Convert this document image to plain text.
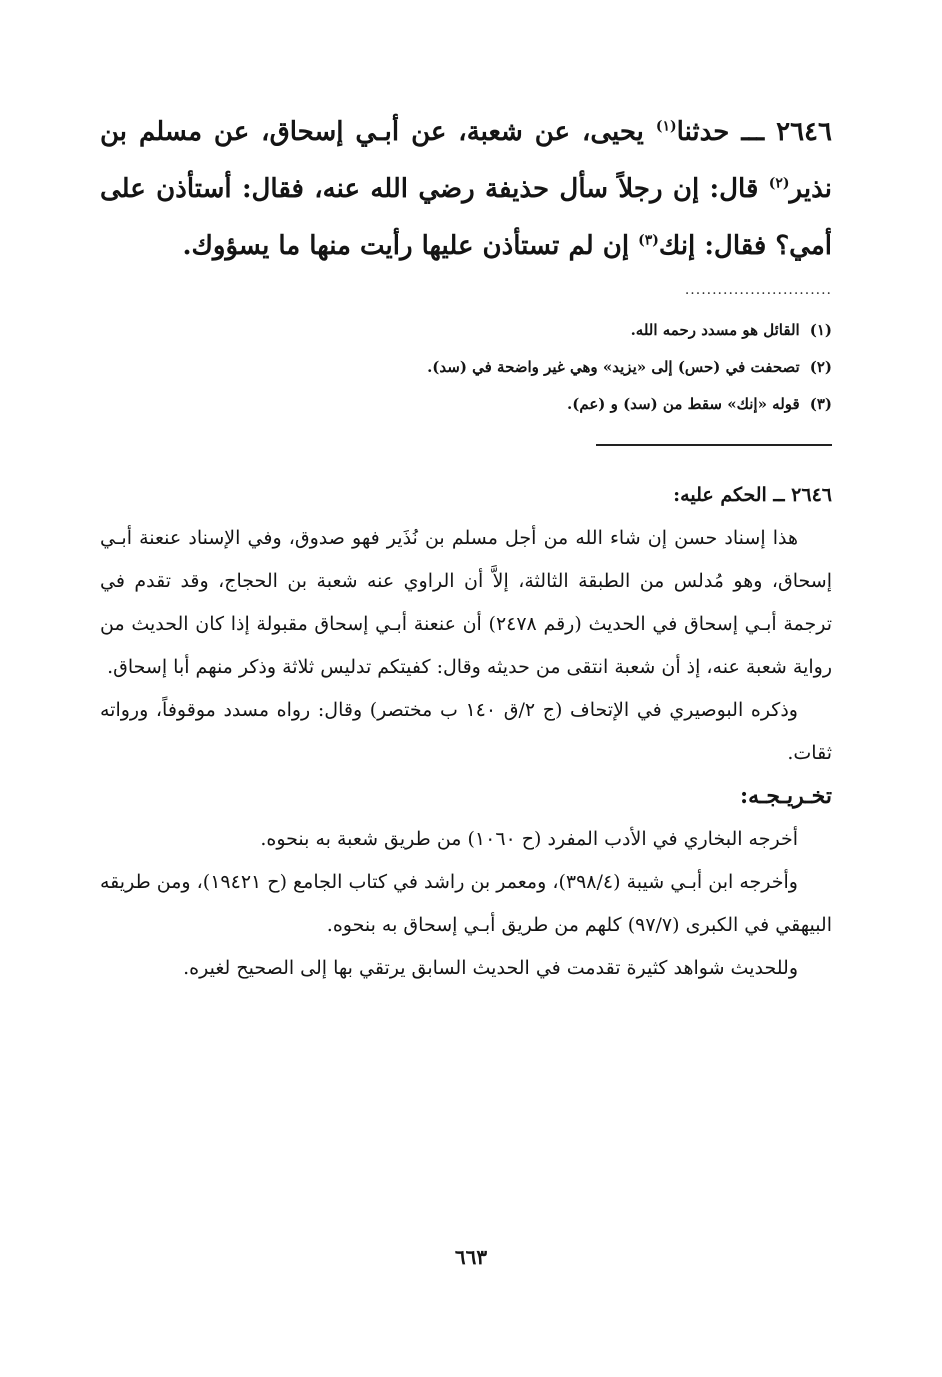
٢٦٤٦ ـــ حدثنا$^{(١)}$ يحيى، عن شعبة، عن أبـي إسحاق، عن مسلم بن نذير$^{(٢)}$ قال: إن رجلاً سأل حذيفة رضي الله عنه، فقال: أستأذن على أمي؟ فقال: إنك$^{(٣)}$ إن لم تستأذن عليها رأيت منها ما يسؤوك.
...........................

(١)القائل هو مسدد رحمه الله.

(٢)تصحفت في (حس) إلى «يزيد» وهي غير واضحة في (سد).

(٣)قوله «إنك» سقط من (سد) و (عم).

٢٦٤٦ ــ الحكم عليه:

هذا إسناد حسن إن شاء الله من أجل مسلم بن نُذَير فهو صدوق، وفي الإسناد عنعنة أبـي إسحاق، وهو مُدلس من الطبقة الثالثة، إلاَّ أن الراوي عنه شعبة بن الحجاج، وقد تقدم في ترجمة أبـي إسحاق في الحديث (رقم ٢٤٧٨) أن عنعنة أبـي إسحاق مقبولة إذا كان الحديث من رواية شعبة عنه، إذ أن شعبة انتقى من حديثه وقال: كفيتكم تدليس ثلاثة وذكر منهم أبا إسحاق.

وذكره البوصيري في الإتحاف (ج ٢/ق ١٤٠ ب مختصر) وقال: رواه مسدد موقوفاً، ورواته ثقات.

تخـريـجـه:

أخرجه البخاري في الأدب المفرد (ح ١٠٦٠) من طريق شعبة به بنحوه.

وأخرجه ابن أبـي شيبة (٣٩٨/٤)، ومعمر بن راشد في كتاب الجامع (ح ١٩٤٢١)، ومن طريقه البيهقي في الكبرى (٩٧/٧) كلهم من طريق أبـي إسحاق به بنحوه.

وللحديث شواهد كثيرة تقدمت في الحديث السابق يرتقي بها إلى الصحيح لغيره.

٦٦٣
